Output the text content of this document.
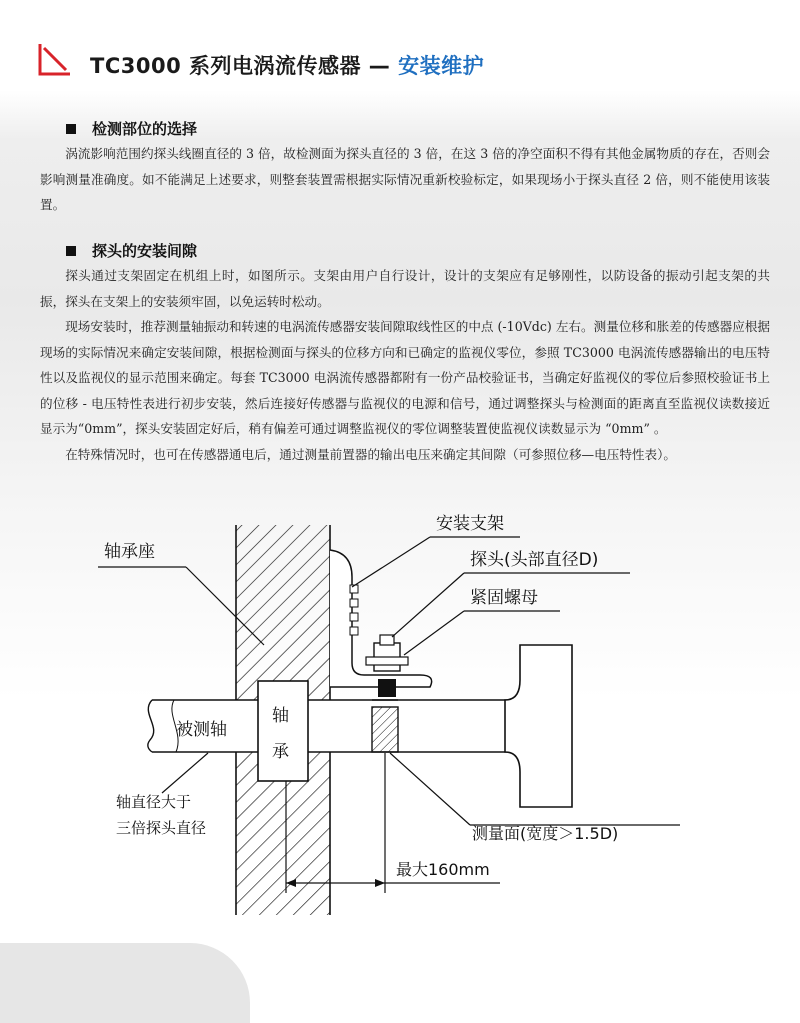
TC3000 系列电涡流传感器 — 安装维护
检测部位的选择

涡流影响范围约探头线圈直径的 3 倍，故检测面为探头直径的 3 倍，在这 3 倍的净空面积不得有其他金属物质的存在，否则会影响测量准确度。如不能满足上述要求，则整套装置需根据实际情况重新校验标定，如果现场小于探头直径 2 倍，则不能使用该装置。

探头的安装间隙

探头通过支架固定在机组上时，如图所示。支架由用户自行设计，设计的支架应有足够刚性，以防设备的振动引起支架的共振，探头在支架上的安装须牢固，以免运转时松动。

现场安装时，推荐测量轴振动和转速的电涡流传感器安装间隙取线性区的中点 (-10Vdc) 左右。测量位移和胀差的传感器应根据现场的实际情况来确定安装间隙，根据检测面与探头的位移方向和已确定的监视仪零位，参照 TC3000 电涡流传感器输出的电压特性以及监视仪的显示范围来确定。每套 TC3000 电涡流传感器都附有一份产品校验证书，当确定好监视仪的零位后参照校验证书上的位移 - 电压特性表进行初步安装，然后连接好传感器与监视仪的电源和信号，通过调整探头与检测面的距离直至监视仪读数接近显示为“0mm”，探头安装固定好后，稍有偏差可通过调整监视仪的零位调整装置使监视仪读数显示为 “0mm” 。

在特殊情况时，也可在传感器通电后，通过测量前置器的输出电压来确定其间隙（可参照位移—电压特性表）。

轴
承
安装支架
探头(头部直径D)
紧固螺母
轴承座
被测轴
轴直径大于
三倍探头直径	测量面(宽度＞1.5D)
最大160mm
